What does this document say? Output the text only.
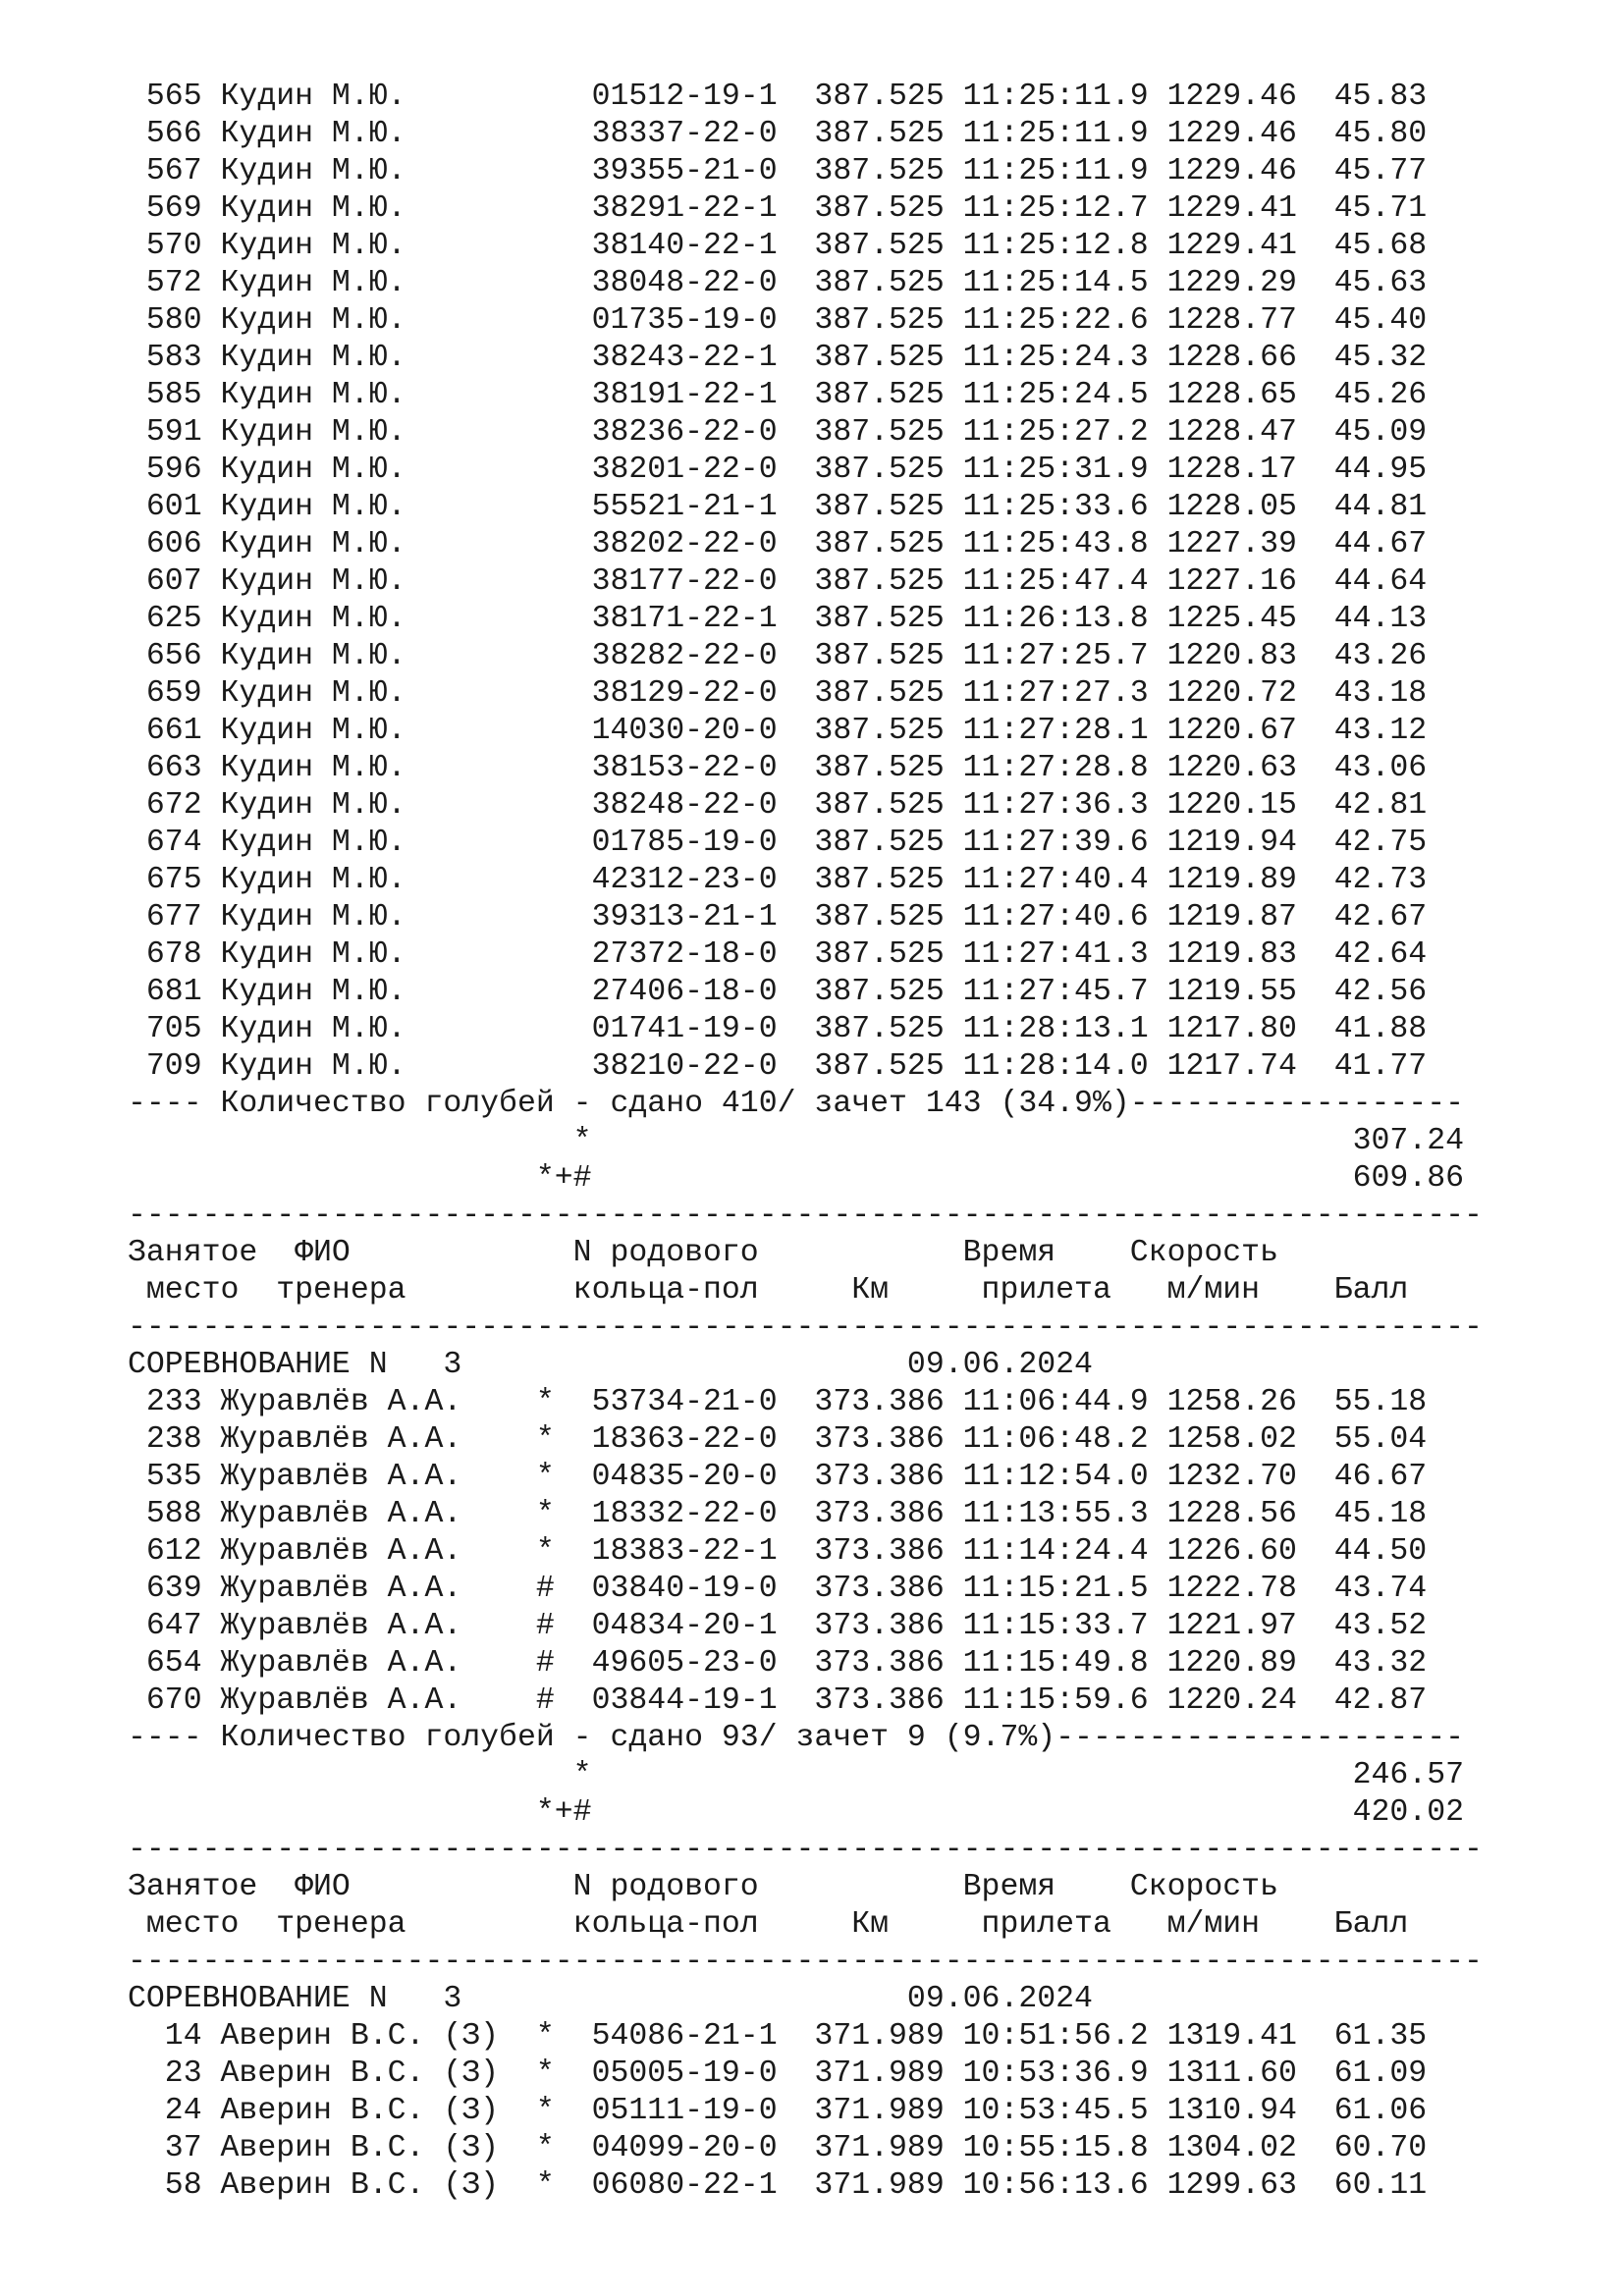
565 Кудин М.Ю.          01512-19-1  387.525 11:25:11.9 1229.46  45.83
566 Кудин М.Ю.          38337-22-0  387.525 11:25:11.9 1229.46  45.80
567 Кудин М.Ю.          39355-21-0  387.525 11:25:11.9 1229.46  45.77
569 Кудин М.Ю.          38291-22-1  387.525 11:25:12.7 1229.41  45.71
570 Кудин М.Ю.          38140-22-1  387.525 11:25:12.8 1229.41  45.68
572 Кудин М.Ю.          38048-22-0  387.525 11:25:14.5 1229.29  45.63
580 Кудин М.Ю.          01735-19-0  387.525 11:25:22.6 1228.77  45.40
583 Кудин М.Ю.          38243-22-1  387.525 11:25:24.3 1228.66  45.32
585 Кудин М.Ю.          38191-22-1  387.525 11:25:24.5 1228.65  45.26
591 Кудин М.Ю.          38236-22-0  387.525 11:25:27.2 1228.47  45.09
596 Кудин М.Ю.          38201-22-0  387.525 11:25:31.9 1228.17  44.95
601 Кудин М.Ю.          55521-21-1  387.525 11:25:33.6 1228.05  44.81
606 Кудин М.Ю.          38202-22-0  387.525 11:25:43.8 1227.39  44.67
607 Кудин М.Ю.          38177-22-0  387.525 11:25:47.4 1227.16  44.64
625 Кудин М.Ю.          38171-22-1  387.525 11:26:13.8 1225.45  44.13
656 Кудин М.Ю.          38282-22-0  387.525 11:27:25.7 1220.83  43.26
659 Кудин М.Ю.          38129-22-0  387.525 11:27:27.3 1220.72  43.18
661 Кудин М.Ю.          14030-20-0  387.525 11:27:28.1 1220.67  43.12
663 Кудин М.Ю.          38153-22-0  387.525 11:27:28.8 1220.63  43.06
672 Кудин М.Ю.          38248-22-0  387.525 11:27:36.3 1220.15  42.81
674 Кудин М.Ю.          01785-19-0  387.525 11:27:39.6 1219.94  42.75
675 Кудин М.Ю.          42312-23-0  387.525 11:27:40.4 1219.89  42.73
677 Кудин М.Ю.          39313-21-1  387.525 11:27:40.6 1219.87  42.67
678 Кудин М.Ю.          27372-18-0  387.525 11:27:41.3 1219.83  42.64
681 Кудин М.Ю.          27406-18-0  387.525 11:27:45.7 1219.55  42.56
705 Кудин М.Ю.          01741-19-0  387.525 11:28:13.1 1217.80  41.88
709 Кудин М.Ю.          38210-22-0  387.525 11:28:14.0 1217.74  41.77
---- Количество голубей - сдано 410/ зачет 143 (34.9%)------------------
*                                         307.24
*+#                                         609.86
-------------------------------------------------------------------------
Занятое  ФИО            N родового           Время    Скорость
место  тренера         кольца-пол     Км     прилета   м/мин    Балл
-------------------------------------------------------------------------
СОРЕВНОВАНИЕ N   3                        09.06.2024
233 Журавлёв А.А.    *  53734-21-0  373.386 11:06:44.9 1258.26  55.18
238 Журавлёв А.А.    *  18363-22-0  373.386 11:06:48.2 1258.02  55.04
535 Журавлёв А.А.    *  04835-20-0  373.386 11:12:54.0 1232.70  46.67
588 Журавлёв А.А.    *  18332-22-0  373.386 11:13:55.3 1228.56  45.18
612 Журавлёв А.А.    *  18383-22-1  373.386 11:14:24.4 1226.60  44.50
639 Журавлёв А.А.    #  03840-19-0  373.386 11:15:21.5 1222.78  43.74
647 Журавлёв А.А.    #  04834-20-1  373.386 11:15:33.7 1221.97  43.52
654 Журавлёв А.А.    #  49605-23-0  373.386 11:15:49.8 1220.89  43.32
670 Журавлёв А.А.    #  03844-19-1  373.386 11:15:59.6 1220.24  42.87
---- Количество голубей - сдано 93/ зачет 9 (9.7%)----------------------
*                                         246.57
*+#                                         420.02
-------------------------------------------------------------------------
Занятое  ФИО            N родового           Время    Скорость
место  тренера         кольца-пол     Км     прилета   м/мин    Балл
-------------------------------------------------------------------------
СОРЕВНОВАНИЕ N   3                        09.06.2024
14 Аверин В.С. (З)  *  54086-21-1  371.989 10:51:56.2 1319.41  61.35
23 Аверин В.С. (З)  *  05005-19-0  371.989 10:53:36.9 1311.60  61.09
24 Аверин В.С. (З)  *  05111-19-0  371.989 10:53:45.5 1310.94  61.06
37 Аверин В.С. (З)  *  04099-20-0  371.989 10:55:15.8 1304.02  60.70
58 Аверин В.С. (З)  *  06080-22-1  371.989 10:56:13.6 1299.63  60.11
